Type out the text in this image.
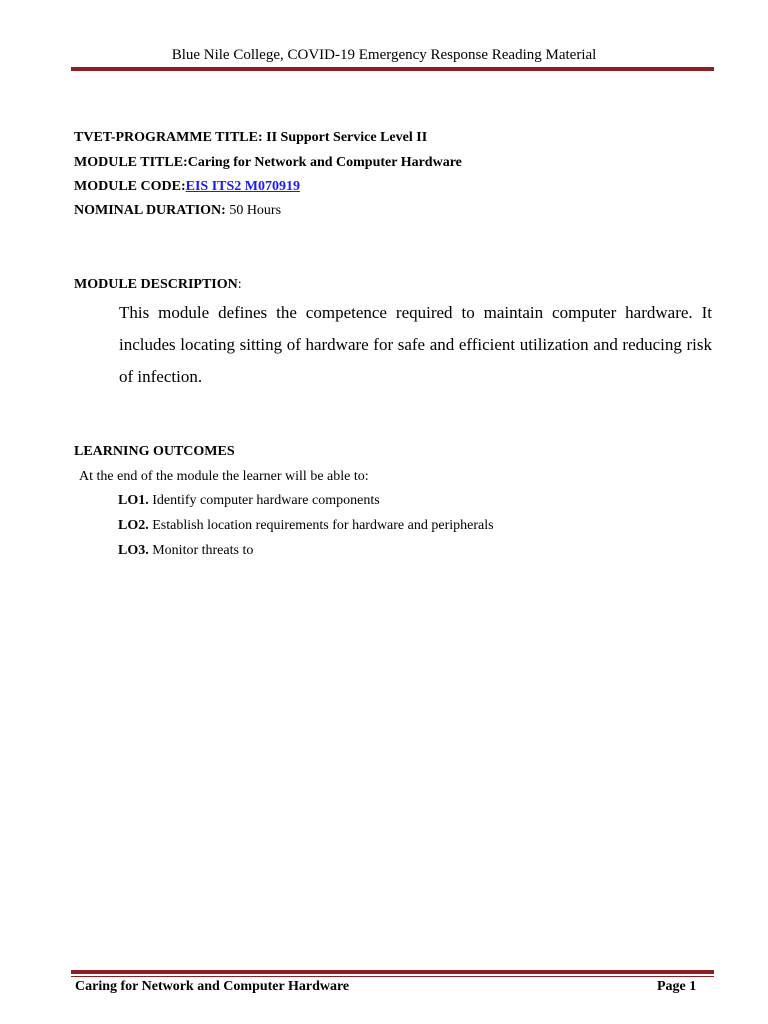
Blue Nile College, COVID-19 Emergency Response Reading Material
TVET-PROGRAMME TITLE: II Support Service Level II
MODULE TITLE:Caring for Network and Computer Hardware
MODULE CODE:EIS ITS2 M070919
NOMINAL DURATION: 50 Hours
MODULE DESCRIPTION:
This module defines the competence required to maintain computer hardware. It includes locating sitting of hardware for safe and efficient utilization and reducing risk of infection.
LEARNING OUTCOMES
At the end of the module the learner will be able to:
LO1. Identify computer hardware components
LO2. Establish location requirements for hardware and peripherals
LO3. Monitor threats to
Caring for Network and Computer Hardware	Page 1
